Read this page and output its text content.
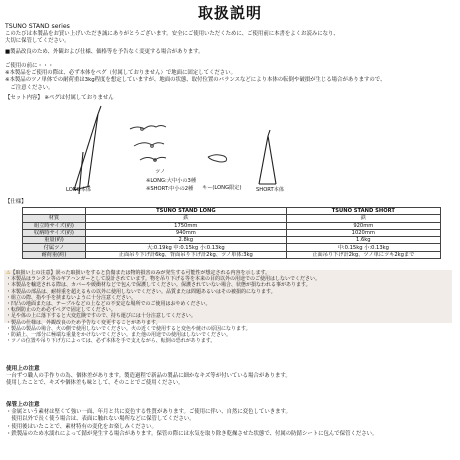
取扱説明
TSUNO STAND series
このたびは本製品をお買い上げいただき誠にありがとうございます。安全にご使用いただくために、ご使用前に本書をよくお読みになり、
大切に保管してください。
■製品改良のため、外観および仕様、価格等を予告なく変更する場合があります。
ご使用の前に・・・
※本製品をご使用の際は、必ず本体をペグ（付属しておりません）で地面に固定してください。
※本製品のツノ単体での耐荷重は3kg程度を想定していますが、地面の状態、取付位置のバランスなどにより本体の転倒や破損が生じる場合がありますので、
　ご注意ください。
【セット内容】 ※ペグは付属しておりません
LONG本体
ツノ
※LONG:大中小の3種
※SHORT:中小の2種 キー(LONG限定)	SHORT本体
【仕様】
	TSUNO STAND LONG	TSUNO STAND SHORT
材質	鉄	鉄
組立時サイズ(約)	1750mm	920mm
収納時サイズ(約)	940mm	1020mm
重量(約)	2.8kg	1.6kg
付属ツノ	大:0.19kg 中:0.15kg 小:0.13kg	中:0.15kg 小:0.13kg
耐荷重(約)	止面吊り下げ計6kg、背面吊り下げ計2kg、ツノ単体:3kg	止面吊り下げ計2kg、ツノ単にツキ2kgまで
⚠【取扱い上の注意】誤った取扱いをすると負傷または物的損害のみが発生する可能性が想定される内容を示します。
・本製品はランタン等のギアハンガーとして設計されています。物を吊り下げる等を本来の目的以外の用途でのご使用はしないでください。
・本製品を輸送される際は、カバーや緩衝材などで包んで保護してください。保護されていない場合、状態が損なわれる事があります。
・本製品の部品は、耐荷重を超えるもの以外に使用しないでください。品質または問題あるいはその被損的になります。
・組立の際、指や手を挟まないように十分注意ください。
・凹凸の地面または、テーブルなどの上などの不安定な場所でのご使用はおやめください。
・転倒防止のため必ずペグで固定してください。
・足や体の上に落下すると大変危険ですので、持ち運びには十分注意してください。
・製品の仕様は、外観改良のため予告なく変更することがあります。
・製品の製品の場合、火の側で使用しないでください。火の近くで使用すると変色や焼けの原因になります。
・防錆上、一部分に極端な重量をかけないでください。また他の用途での使用はしないでください。
・ツノの位置や吊り下げ方によっては、必ず本体を手で支えながら、転倒の恐れがあります。
使用上の注意
一台ずつ職人の手作りの為、個体差があります。製造過程で新品の製品に細かなキズ等が付いている場合があります。
使用したことで、キズや個体差も味として、そのことでご使用ください。
保管上の注意
・金属という素材は堅くて強い一面、年月と共に変色する性質があります。ご使用に伴い、自然に変色していきます。
　使用以外で長く使う場合は、表面に触れない場所などに保管してください。
・使用後はいたことで、素材特有の変化をお楽しみください。
・鉄製品のため水濡れによって錆が発生する場合があります。保管の際には水気を取り除き乾燥させた状態で、付属の防錆シートに包んで保管ください。
